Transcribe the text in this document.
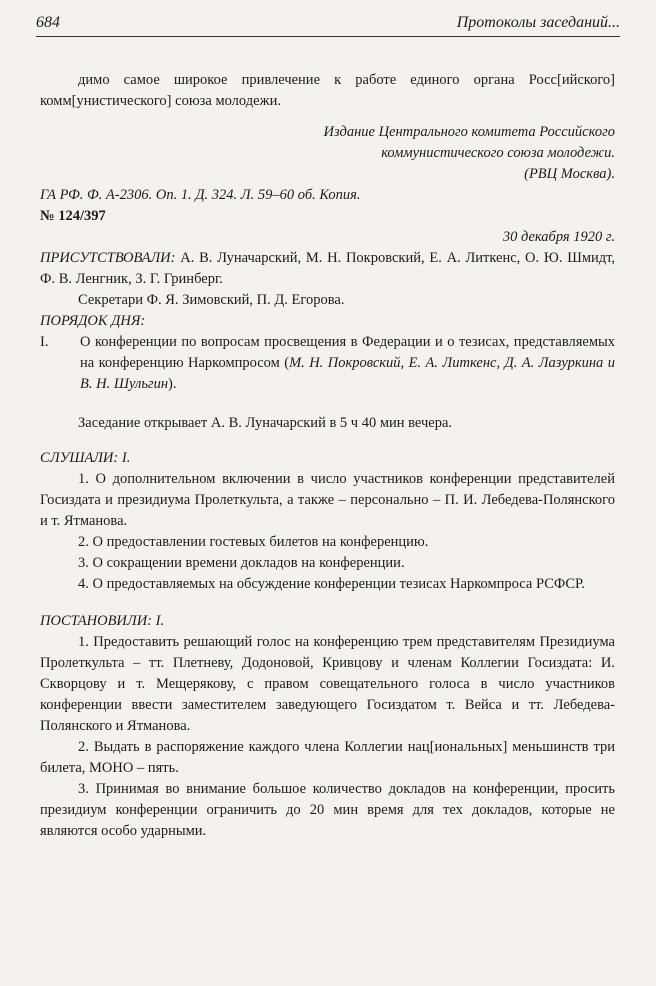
684	Протоколы заседаний...

димо самое широкое привлечение к работе единого органа Росс[ийского] комм[унистического] союза молодежи.

Издание Центрального комитета Российского

коммунистического союза молодежи.

(РВЦ Москва).

ГА РФ. Ф. А-2306. Оп. 1. Д. 324. Л. 59–60 об. Копия.

№ 124/397

30 декабря 1920 г.

ПРИСУТСТВОВАЛИ: А. В. Луначарский, М. Н. Покровский, Е. А. Литкенс, О. Ю. Шмидт, Ф. В. Ленгник, З. Г. Гринберг.

Секретари Ф. Я. Зимовский, П. Д. Егорова.

ПОРЯДОК ДНЯ:

I.	О конференции по вопросам просвещения в Федерации и о тезисах, представляемых на конференцию Наркомпросом (М. Н. Покровский, Е. А. Литкенс, Д. А. Лазуркина и В. Н. Шульгин).

Заседание открывает А. В. Луначарский в 5 ч 40 мин вечера.

СЛУШАЛИ: I.

1. О дополнительном включении в число участников конференции представителей Госиздата и президиума Пролеткульта, а также – персонально – П. И. Лебедева-Полянского и т. Ятманова.

2. О предоставлении гостевых билетов на конференцию.

3. О сокращении времени докладов на конференции.

4. О предоставляемых на обсуждение конференции тезисах Наркомпроса РСФСР.

ПОСТАНОВИЛИ: I.

1. Предоставить решающий голос на конференцию трем представителям Президиума Пролеткульта – тт. Плетневу, Додоновой, Кривцову и членам Коллегии Госиздата: И. Скворцову и т. Мещерякову, с правом совещательного голоса в число участников конференции ввести заместителем заведующего Госиздатом т. Вейса и тт. Лебедева-Полянского и Ятманова.

2. Выдать в распоряжение каждого члена Коллегии нац[иональных] меньшинств три билета, МОНО – пять.

3. Принимая во внимание большое количество докладов на конференции, просить президиум конференции ограничить до 20 мин время для тех докладов, которые не являются особо ударными.
